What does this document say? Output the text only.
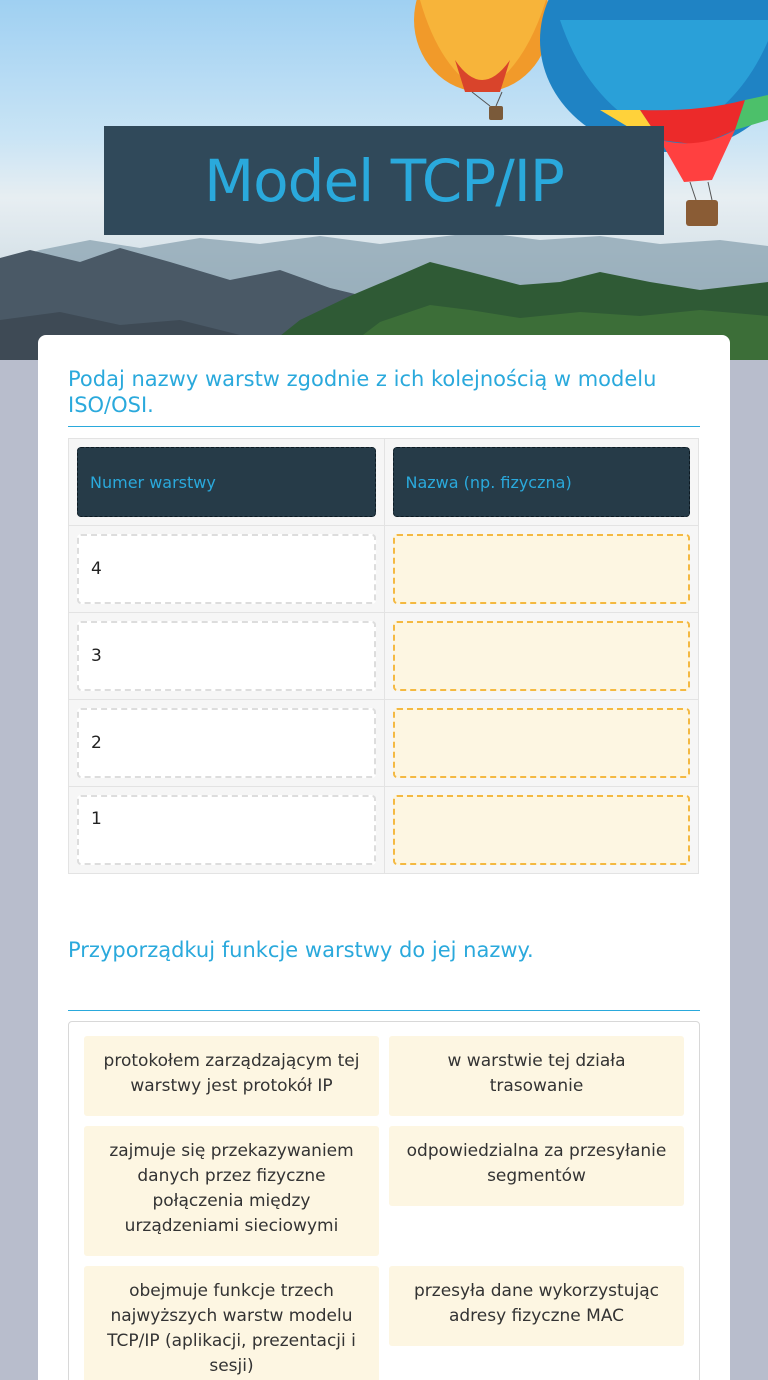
Model TCP/IP
Podaj nazwy warstw zgodnie z ich kolejnością w modelu ISO/OSI.
Numer warstwy	Nazwa (np. fizyczna)
4
3
2
1
Przyporządkuj funkcje warstwy do jej nazwy.
protokołem zarządzającym tej warstwy jest protokół IP
w warstwie tej działa trasowanie
zajmuje się przekazywaniem danych przez fizyczne połączenia między urządzeniami sieciowymi
odpowiedzialna za przesyłanie segmentów
obejmuje funkcje trzech najwyższych warstw modelu TCP/IP (aplikacji, prezentacji i sesji)
przesyła dane wykorzystując adresy fizyczne MAC
